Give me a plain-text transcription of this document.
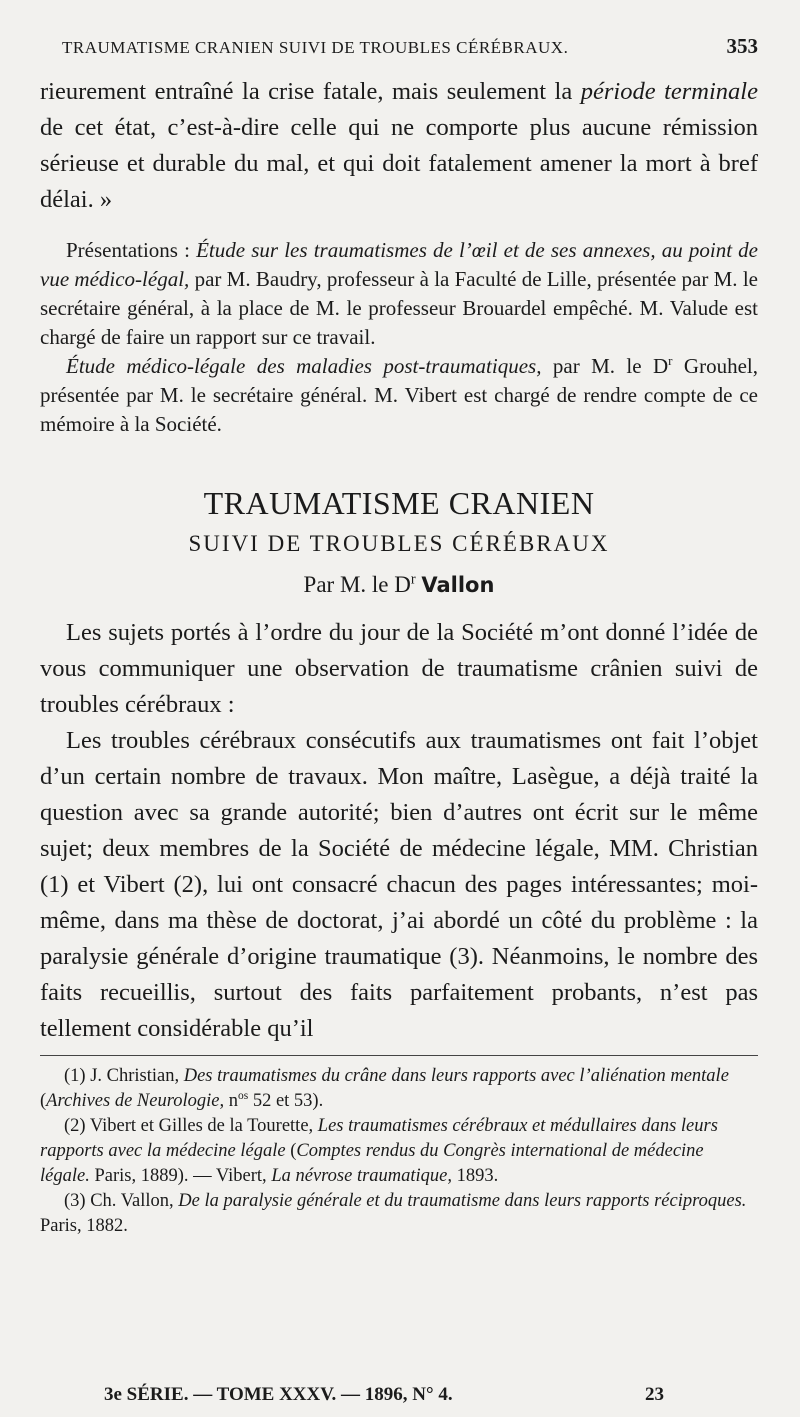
TRAUMATISME CRANIEN SUIVI DE TROUBLES CÉRÉBRAUX.	353

rieurement entraîné la crise fatale, mais seulement la période terminale de cet état, c’est-à-dire celle qui ne comporte plus aucune rémission sérieuse et durable du mal, et qui doit fatalement amener la mort à bref délai. »

Présentations : Étude sur les traumatismes de l’œil et de ses annexes, au point de vue médico-légal, par M. Baudry, professeur à la Faculté de Lille, présentée par M. le secrétaire général, à la place de M. le professeur Brouardel empêché. M. Valude est chargé de faire un rapport sur ce travail.

Étude médico-légale des maladies post-traumatiques, par M. le $D^r$ Grouhel, présentée par M. le secrétaire général. M. Vibert est chargé de rendre compte de ce mémoire à la Société.

TRAUMATISME CRANIEN
SUIVI DE TROUBLES CÉRÉBRAUX
Par M. le $D^r$ Vallon

Les sujets portés à l’ordre du jour de la Société m’ont donné l’idée de vous communiquer une observation de traumatisme crânien suivi de troubles cérébraux :

Les troubles cérébraux consécutifs aux traumatismes ont fait l’objet d’un certain nombre de travaux. Mon maître, Lasègue, a déjà traité la question avec sa grande autorité; bien d’autres ont écrit sur le même sujet; deux membres de la Société de médecine légale, MM. Christian (1) et Vibert (2), lui ont consacré chacun des pages intéressantes; moi-même, dans ma thèse de doctorat, j’ai abordé un côté du problème : la paralysie générale d’origine traumatique (3). Néanmoins, le nombre des faits recueillis, surtout des faits parfaitement probants, n’est pas tellement considérable qu’il

(1) J. Christian, Des traumatismes du crâne dans leurs rapports avec l’aliénation mentale (Archives de Neurologie, $n^{os}$ 52 et 53).

(2) Vibert et Gilles de la Tourette, Les traumatismes cérébraux et médullaires dans leurs rapports avec la médecine légale (Comptes rendus du Congrès international de médecine légale. Paris, 1889). — Vibert, La névrose traumatique, 1893.

(3) Ch. Vallon, De la paralysie générale et du traumatisme dans leurs rapports réciproques. Paris, 1882.

3e SÉRIE. — TOME XXXV. — 1896, N° 4.	23
